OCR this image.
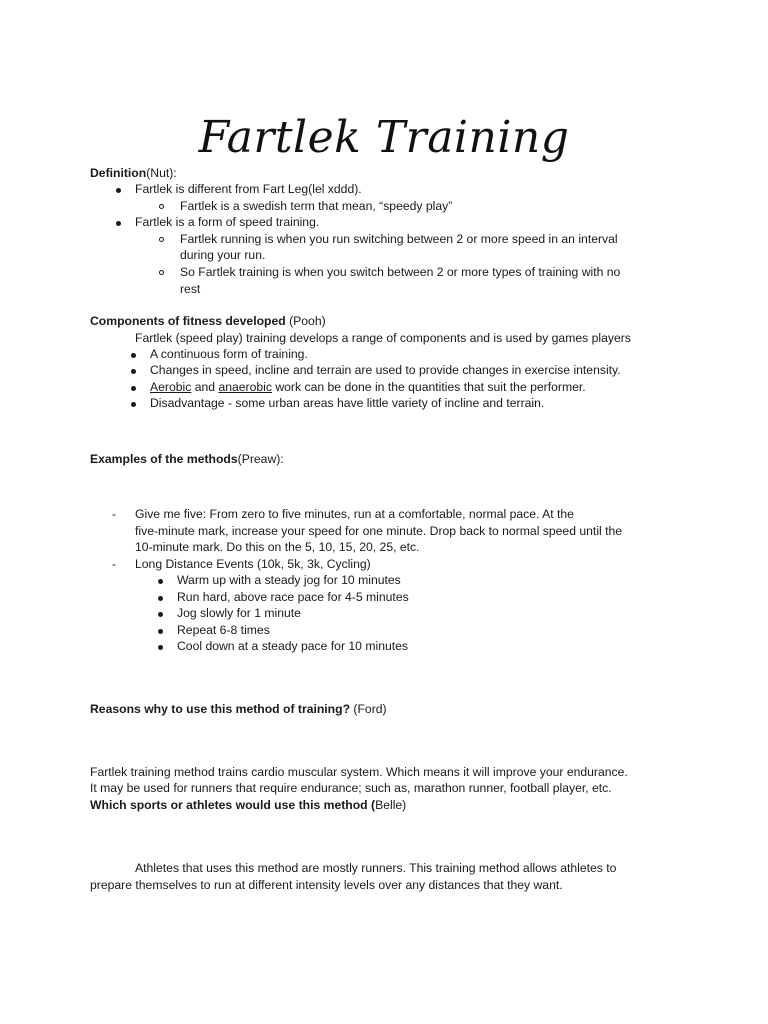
Fartlek Training
Definition(Nut):
Fartlek is different from Fart Leg(lel xddd).
Fartlek is a swedish term that mean, “speedy play”
Fartlek is a form of speed training.
Fartlek running is when you run switching between 2 or more speed in an interval
during your run.
So Fartlek training is when you switch between 2 or more types of training with no
rest
Components of fitness developed (Pooh)
Fartlek (speed play) training develops a range of components and is used by games players
A continuous form of training.
Changes in speed, incline and terrain are used to provide changes in exercise intensity.
Aerobic and anaerobic work can be done in the quantities that suit the performer.
Disadvantage - some urban areas have little variety of incline and terrain.
Examples of the methods(Preaw):
- Give me five: From zero to five minutes, run at a comfortable, normal pace. At the
five-minute mark, increase your speed for one minute. Drop back to normal speed until the
10-minute mark. Do this on the 5, 10, 15, 20, 25, etc.
- Long Distance Events (10k, 5k, 3k, Cycling)
Warm up with a steady jog for 10 minutes
Run hard, above race pace for 4-5 minutes
Jog slowly for 1 minute
Repeat 6-8 times
Cool down at a steady pace for 10 minutes
Reasons why to use this method of training? (Ford)
Fartlek training method trains cardio muscular system. Which means it will improve your endurance.
It may be used for runners that require endurance; such as, marathon runner, football player, etc.
Which sports or athletes would use this method (Belle)
Athletes that uses this method are mostly runners. This training method allows athletes to
prepare themselves to run at different intensity levels over any distances that they want.
